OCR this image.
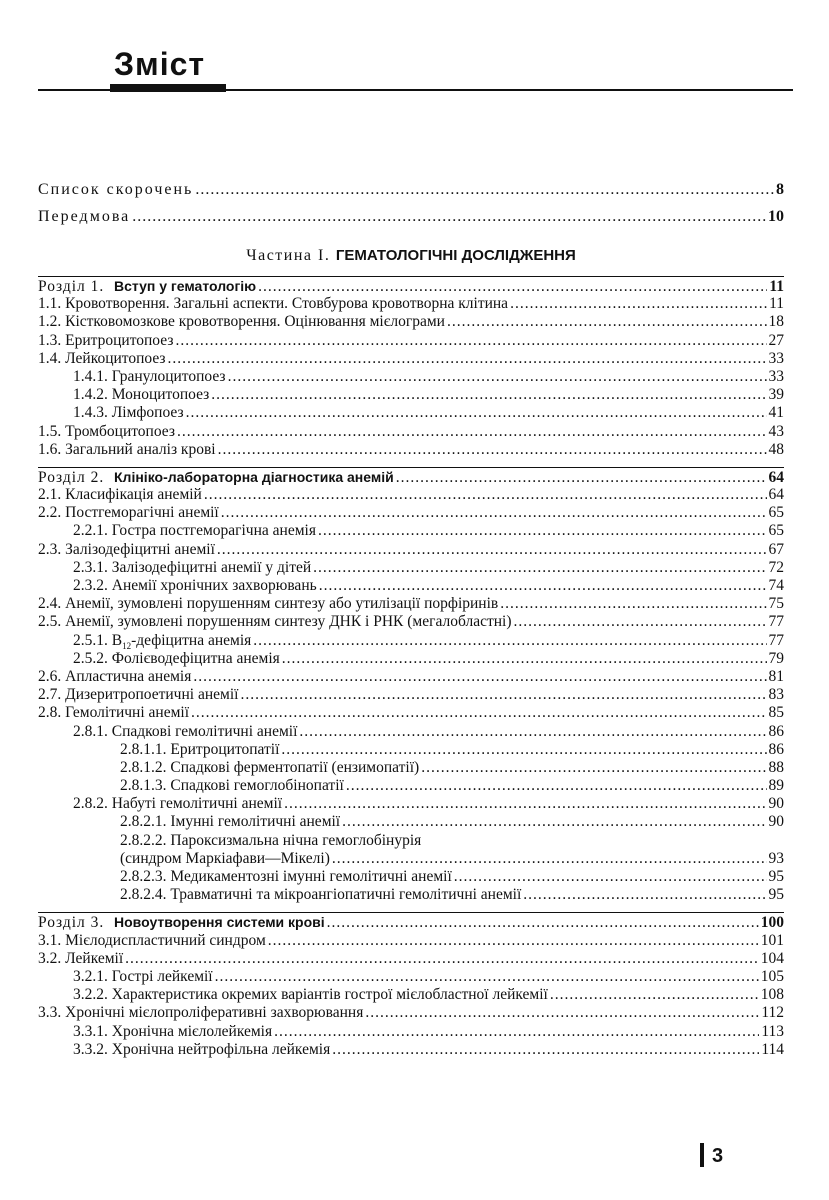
Зміст
Список скорочень .....	8
Передмова .....	10
Частина І. ГЕМАТОЛОГІЧНІ ДОСЛІДЖЕННЯ
Розділ 1. Вступ у гематологію .....	11
1.1. Кровотворення. Загальні аспекти. Стовбурова кровотворна клітина .....	11
1.2. Кістковомозкове кровотворення. Оцінювання мієлограми .....	18
1.3. Еритроцитопоез .....	27
1.4. Лейкоцитопоез .....	33
1.4.1. Гранулоцитопоез .....	33
1.4.2. Моноцитопоез .....	39
1.4.3. Лімфопоез .....	41
1.5. Тромбоцитопоез .....	43
1.6. Загальний аналіз крові .....	48
Розділ 2. Клініко-лабораторна діагностика анемій .....	64
2.1. Класифікація анемій .....	64
2.2. Постгеморагічні анемії .....	65
2.2.1. Гостра постгеморагічна анемія .....	65
2.3. Залізодефіцитні анемії .....	67
2.3.1. Залізодефіцитні анемії у дітей .....	72
2.3.2. Анемії хронічних захворювань .....	74
2.4. Анемії, зумовлені порушенням синтезу або утилізації порфіринів .....	75
2.5. Анемії, зумовлені порушенням синтезу ДНК і РНК (мегалобластні) .....	77
2.5.1. $B_{12}$-дефіцитна анемія .....	77
2.5.2. Фолієводефіцитна анемія .....	79
2.6. Апластична анемія .....	81
2.7. Дизеритропоетичні анемії .....	83
2.8. Гемолітичні анемії .....	85
2.8.1. Спадкові гемолітичні анемії .....	86
2.8.1.1. Еритроцитопатії .....	86
2.8.1.2. Спадкові ферментопатії (ензимопатії) .....	88
2.8.1.3. Спадкові гемоглобінопатії .....	89
2.8.2. Набуті гемолітичні анемії .....	90
2.8.2.1. Імунні гемолітичні анемії .....	90
2.8.2.2. Пароксизмальна нічна гемоглобінурія
(синдром Маркіафави—Мікелі) .....	93
2.8.2.3. Медикаментозні імунні гемолітичні анемії .....	95
2.8.2.4. Травматичні та мікроангіопатичні гемолітичні анемії .....	95
Розділ 3. Новоутворення системи крові .....	100
3.1. Мієлодиспластичний синдром .....	101
3.2. Лейкемії .....	104
3.2.1. Гострі лейкемії .....	105
3.2.2. Характеристика окремих варіантів гострої мієлобластної лейкемії .....	108
3.3. Хронічні мієлопроліферативні захворювання .....	112
3.3.1. Хронічна мієлолейкемія .....	113
3.3.2. Хронічна нейтрофільна лейкемія .....	114
3
